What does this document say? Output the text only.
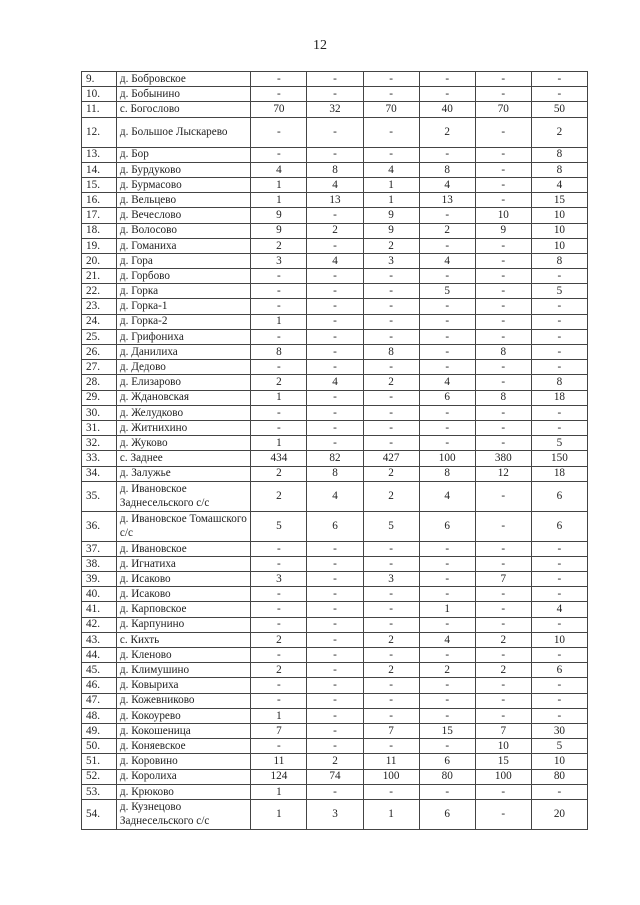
12
9.	д. Бобровское	-	-	-	-	-	-
10.	д. Бобынино	-	-	-	-	-	-
11.	с. Богослово	70	32	70	40	70	50
12.	д. Большое Лыскарево	-	-	-	2	-	2
13.	д. Бор	-	-	-	-	-	8
14.	д. Бурдуково	4	8	4	8	-	8
15.	д. Бурмасово	1	4	1	4	-	4
16.	д. Вельцево	1	13	1	13	-	15
17.	д. Вечеслово	9	-	9	-	10	10
18.	д. Волосово	9	2	9	2	9	10
19.	д. Гоманиха	2	-	2	-	-	10
20.	д. Гора	3	4	3	4	-	8
21.	д. Горбово	-	-	-	-	-	-
22.	д. Горка	-	-	-	5	-	5
23.	д. Горка-1	-	-	-	-	-	-
24.	д. Горка-2	1	-	-	-	-	-
25.	д. Грифониха	-	-	-	-	-	-
26.	д. Данилиха	8	-	8	-	8	-
27.	д. Дедово	-	-	-	-	-	-
28.	д. Елизарово	2	4	2	4	-	8
29.	д. Ждановская	1	-	-	6	8	18
30.	д. Желудково	-	-	-	-	-	-
31.	д. Житнихино	-	-	-	-	-	-
32.	д. Жуково	1	-	-	-	-	5
33.	с. Заднее	434	82	427	100	380	150
34.	д. Залужье	2	8	2	8	12	18
35.	д. Ивановское Заднесельского с/с	2	4	2	4	-	6
36.	д. Ивановское Томашского с/с	5	6	5	6	-	6
37.	д. Ивановское	-	-	-	-	-	-
38.	д. Игнатиха	-	-	-	-	-	-
39.	д. Исаково	3	-	3	-	7	-
40.	д. Исаково	-	-	-	-	-	-
41.	д. Карповское	-	-	-	1	-	4
42.	д. Карпунино	-	-	-	-	-	-
43.	с. Кихть	2	-	2	4	2	10
44.	д. Кленово	-	-	-	-	-	-
45.	д. Климушино	2	-	2	2	2	6
46.	д. Ковыриха	-	-	-	-	-	-
47.	д. Кожевниково	-	-	-	-	-	-
48.	д. Кокоурево	1	-	-	-	-	-
49.	д. Кокошеница	7	-	7	15	7	30
50.	д. Коняевское	-	-	-	-	10	5
51.	д. Коровино	11	2	11	6	15	10
52.	д. Королиха	124	74	100	80	100	80
53.	д. Крюково	1	-	-	-	-	-
54.	д. Кузнецово Заднесельского с/с	1	3	1	6	-	20
